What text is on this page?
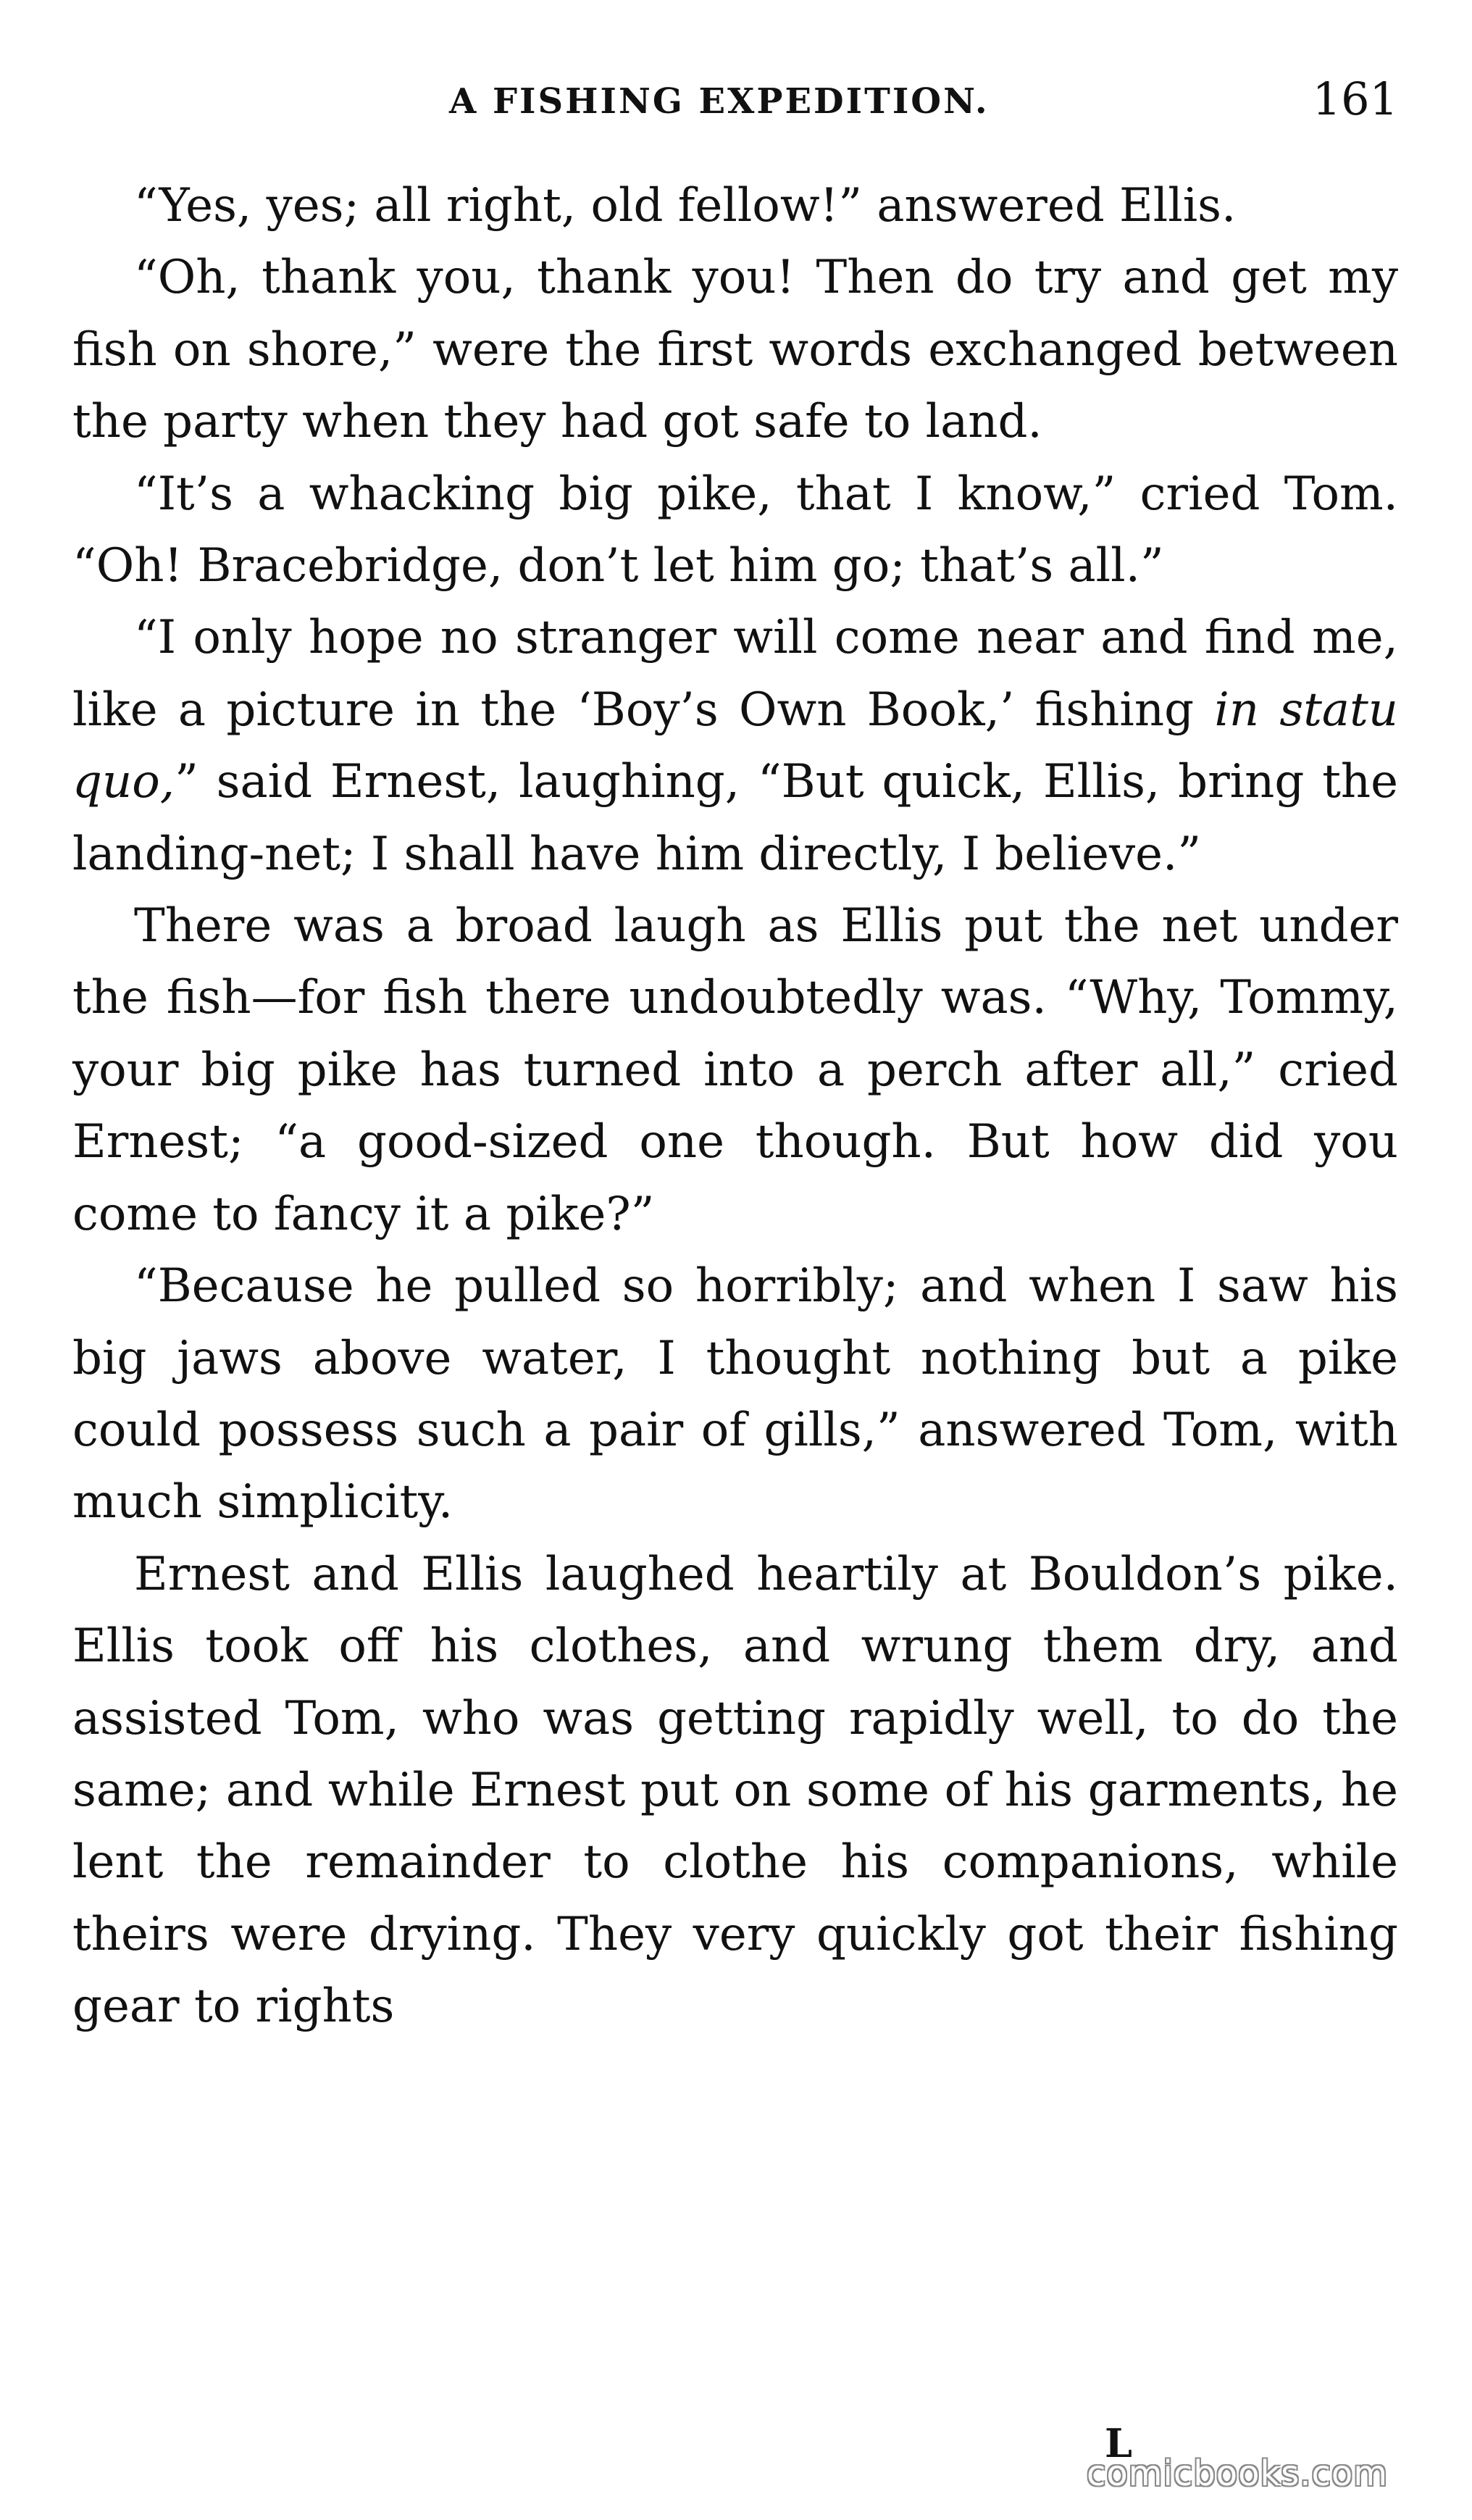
A FISHING EXPEDITION.	161

“Yes, yes; all right, old fellow!” answered Ellis.

“Oh, thank you, thank you! Then do try and get my fish on shore,” were the first words exchanged between the party when they had got safe to land.

“It’s a whacking big pike, that I know,” cried Tom. “Oh! Bracebridge, don’t let him go; that’s all.”

“I only hope no stranger will come near and find me, like a picture in the ‘Boy’s Own Book,’ fishing in statu quo,” said Ernest, laughing, “But quick, Ellis, bring the landing-net; I shall have him directly, I believe.”

There was a broad laugh as Ellis put the net under the fish—for fish there undoubtedly was. “Why, Tommy, your big pike has turned into a perch after all,” cried Ernest; “a good-sized one though. But how did you come to fancy it a pike?”

“Because he pulled so horribly; and when I saw his big jaws above water, I thought nothing but a pike could possess such a pair of gills,” answered Tom, with much simplicity.

Ernest and Ellis laughed heartily at Bouldon’s pike. Ellis took off his clothes, and wrung them dry, and assisted Tom, who was getting rapidly well, to do the same; and while Ernest put on some of his garments, he lent the remainder to clothe his companions, while theirs were drying. They very quickly got their fishing gear to rights

L
comicbooks.com
